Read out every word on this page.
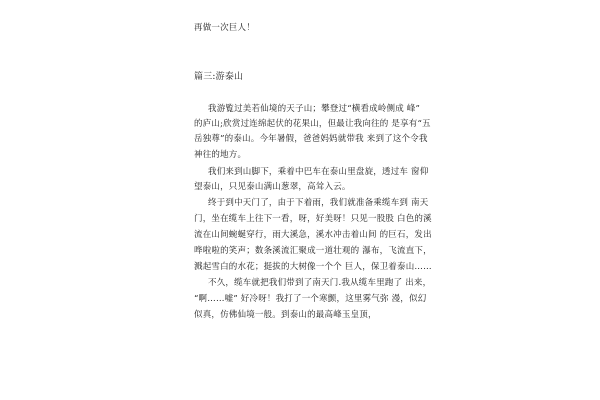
再做一次巨人！
篇三:游泰山
我游覧过美若仙境的天子山；攀登过“横看成岭侧成 峰”
的庐山;欣赏过连绵起伏的花果山，但最让我向往的 是享有“五
岳独尊”的泰山。今年暑假，爸爸妈妈就带我 来到了这个令我
神往的地方。
我们来到山脚下，乘着中巴车在泰山里盘旋，透过车 窗仰
望泰山，只见泰山满山葱翠，高耸入云。
终于到中天门了，由于下着雨，我们就准备乘缆车到 南天
门，坐在缆车上往下一看，呀，好美呀！只见一股股 白色的溪
流在山间蜿蜒穿行，雨大溪急，溪水冲击着山间 的巨石，发出
哗啦啦的笑声；数条溪流汇聚成一道壮观的 瀑布，飞流直下，
溅起雪白的水花；挺拔的大树像一个个 巨人，保卫着泰山……
不久，缆车就把我们带到了南天门.我从缆车里跑了 出来，
“啊……嘘” 好冷呀！我打了一个寒颤，这里雾气弥 漫，似幻
似真，仿佛仙境一般。到泰山的最高峰玉皇顶，
